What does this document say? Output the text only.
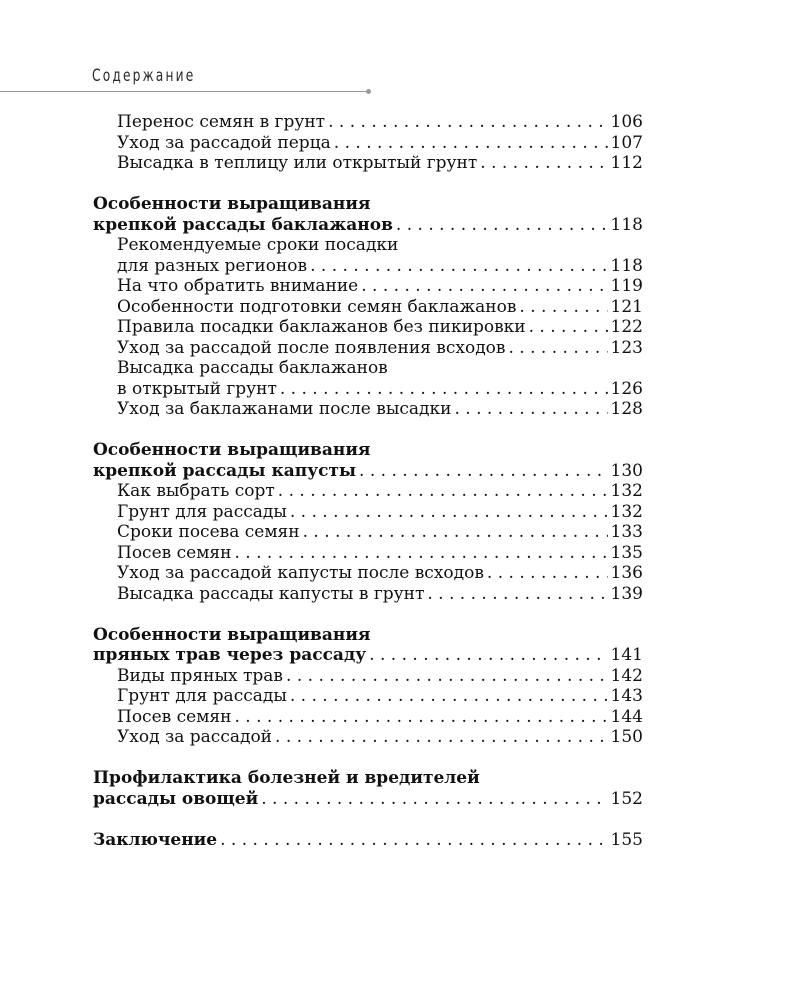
Содержание
Перенос семян в грунт . . .	106
Уход за рассадой перца . . .	107
Высадка в теплицу или открытый грунт . . .	112
Особенности выращивания
крепкой рассады баклажанов . . .	118
Рекомендуемые сроки посадки
для разных регионов . . .	118
На что обратить внимание . . .	119
Особенности подготовки семян баклажанов . . .	121
Правила посадки баклажанов без пикировки . . .	122
Уход за рассадой после появления всходов . . .	123
Высадка рассады баклажанов
в открытый грунт . . .	126
Уход за баклажанами после высадки . . .	128
Особенности выращивания
крепкой рассады капусты . . .	130
Как выбрать сорт . . .	132
Грунт для рассады . . .	132
Сроки посева семян . . .	133
Посев семян . . .	135
Уход за рассадой капусты после всходов . . .	136
Высадка рассады капусты в грунт . . .	139
Особенности выращивания
пряных трав через рассаду . . .	141
Виды пряных трав . . .	142
Грунт для рассады . . .	143
Посев семян . . .	144
Уход за рассадой . . .	150
Профилактика болезней и вредителей
рассады овощей . . .	152
Заключение . . .	155
